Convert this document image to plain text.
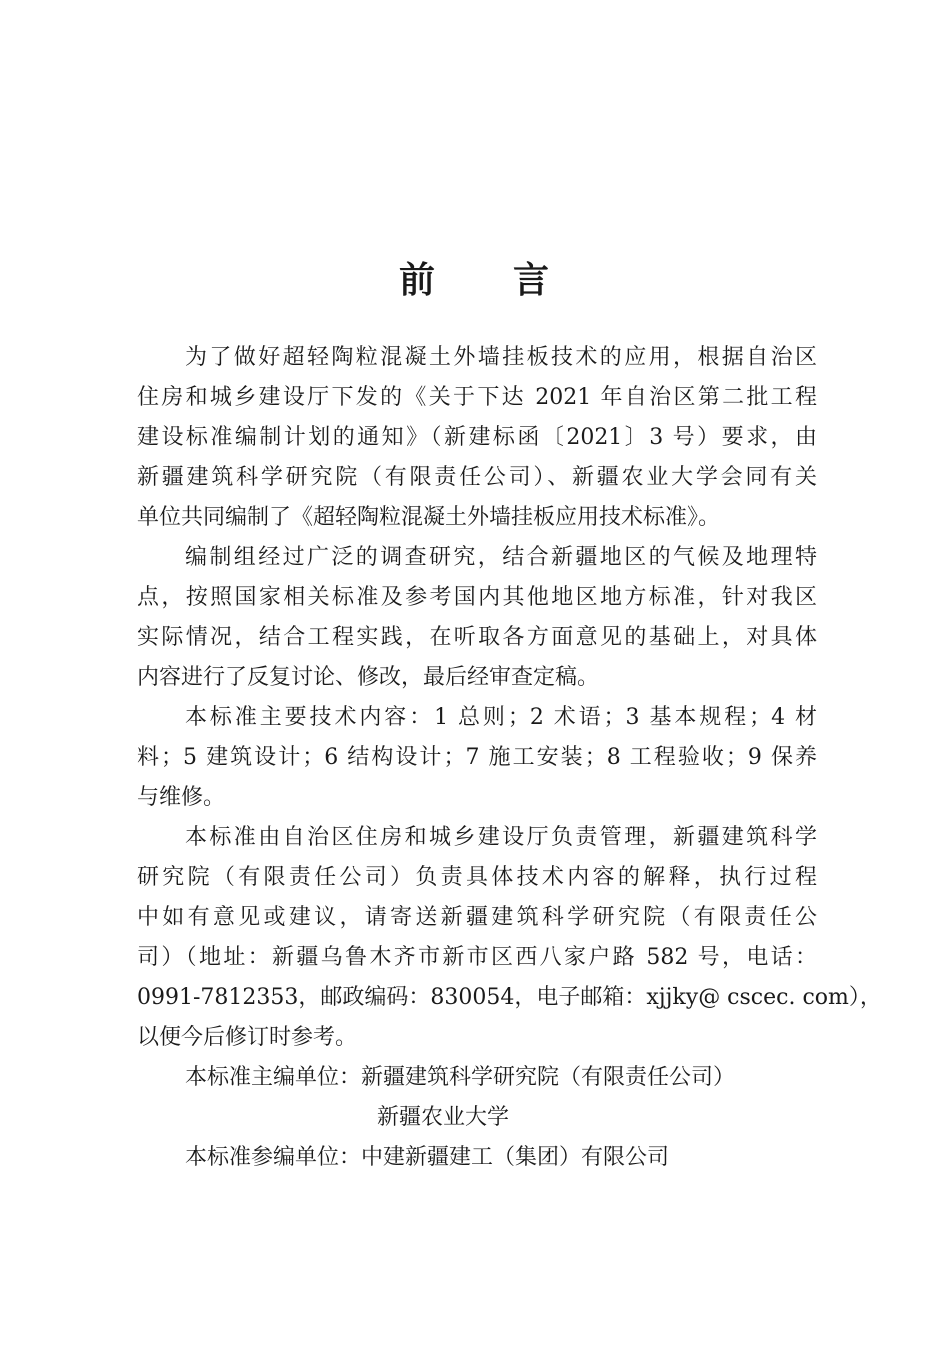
前 言

为了做好超轻陶粒混凝土外墙挂板技术的应用，根据自治区

住房和城乡建设厅下发的《关于下达 2021 年自治区第二批工程

建设标准编制计划的通知》（新建标函〔2021〕3 号）要求，由

新疆建筑科学研究院（有限责任公司）、新疆农业大学会同有关

单位共同编制了《超轻陶粒混凝土外墙挂板应用技术标准》。

编制组经过广泛的调查研究，结合新疆地区的气候及地理特

点，按照国家相关标准及参考国内其他地区地方标准，针对我区

实际情况，结合工程实践，在听取各方面意见的基础上，对具体

内容进行了反复讨论、修改，最后经审查定稿。

本标准主要技术内容：1 总则；2 术语；3 基本规程；4 材

料；5 建筑设计；6 结构设计；7 施工安装；8 工程验收；9 保养

与维修。

本标准由自治区住房和城乡建设厅负责管理，新疆建筑科学

研究院（有限责任公司）负责具体技术内容的解释，执行过程

中如有意见或建议，请寄送新疆建筑科学研究院（有限责任公

司）（地址：新疆乌鲁木齐市新市区西八家户路 582 号，电话：

0991-7812353，邮政编码：830054，电子邮箱：xjjky@ cscec. com），

以便今后修订时参考。

本标准主编单位：新疆建筑科学研究院（有限责任公司）

新疆农业大学

本标准参编单位：中建新疆建工（集团）有限公司
